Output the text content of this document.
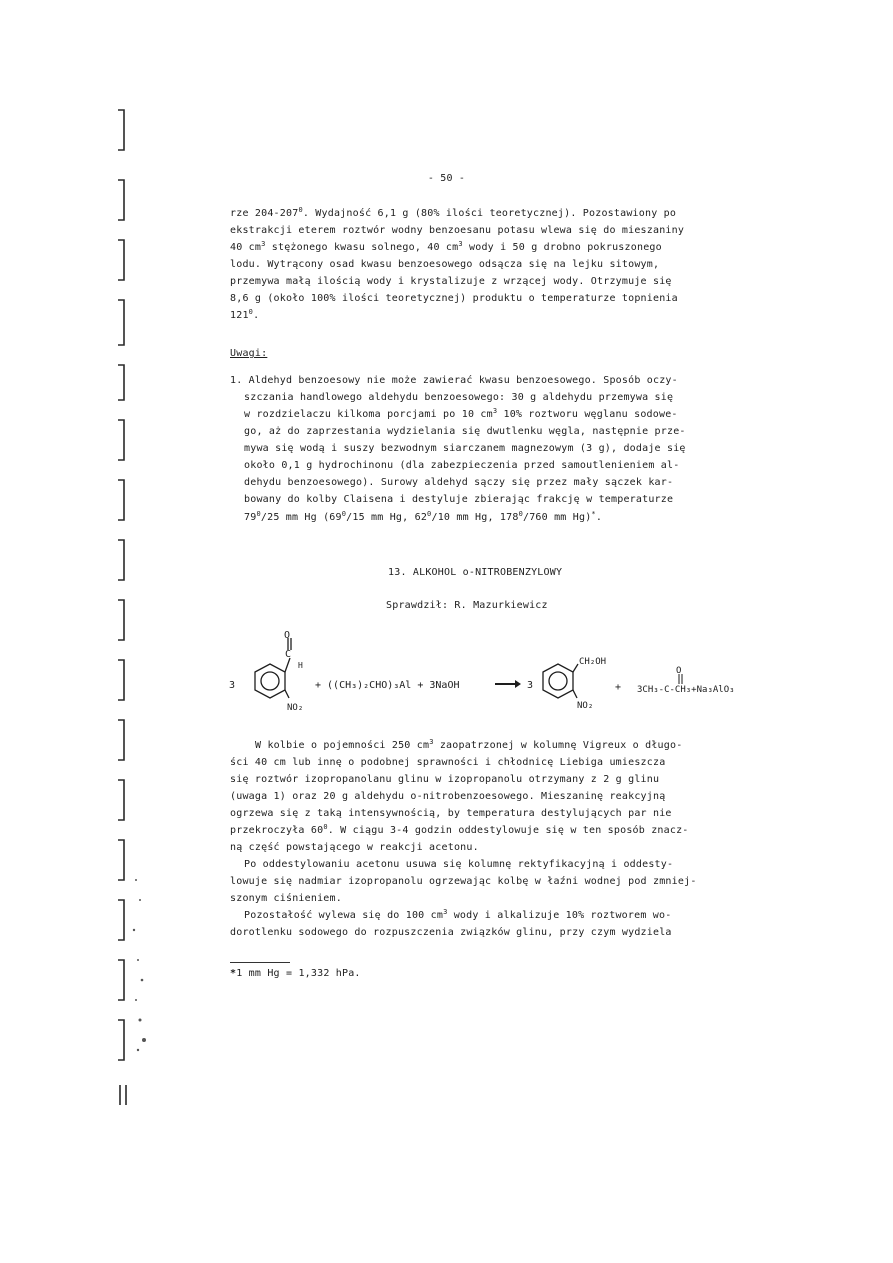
- 50 -
rze $204-207^0$. Wydajność 6,1 g (80% ilości teoretycznej). Pozostawiony po
ekstrakcji eterem roztwór wodny benzoesanu potasu wlewa się do mieszaniny
40 $cm^3$ stężonego kwasu solnego, 40 $cm^3$ wody i 50 g drobno pokruszonego
lodu. Wytrącony osad kwasu benzoesowego odsącza się na lejku sitowym,
przemywa małą ilością wody i krystalizuje z wrzącej wody. Otrzymuje się
8,6 g (około 100% ilości teoretycznej) produktu o temperaturze topnienia
$121^0$.
Uwagi:
1. Aldehyd benzoesowy nie może zawierać kwasu benzoesowego. Sposób oczy-
szczania handlowego aldehydu benzoesowego: 30 g aldehydu przemywa się
w rozdzielaczu kilkoma porcjami po 10 $cm^3$ 10% roztworu węglanu sodowe-
go, aż do zaprzestania wydzielania się dwutlenku węgla, następnie prze-
mywa się wodą i suszy bezwodnym siarczanem magnezowym (3 g), dodaje się
około 0,1 g hydrochinonu (dla zabezpieczenia przed samoutlenieniem al-
dehydu benzoesowego). Surowy aldehyd sączy się przez mały sączek kar-
bowany do kolby Claisena i destyluje zbierając frakcję w temperaturze
$79^0/25$ mm Hg ($69^0/15$ mm Hg, $62^0/10$ mm Hg, $178^0/760$ mm Hg)*.
13. ALKOHOL o-NITROBENZYLOWY
Sprawdził: R. Mazurkiewicz
3
O
C
H
NO₂
+ ((CH₃)₂CHO)₃Al + 3NaOH	3
CH₂OH
NO₂
+
O
3CH₃-C-CH₃+Na₃AlO₃
W kolbie o pojemności 250 $cm^3$ zaopatrzonej w kolumnę Vigreux o długo-
ści 40 cm lub innę o podobnej sprawności i chłodnicę Liebiga umieszcza
się roztwór izopropanolanu glinu w izopropanolu otrzymany z 2 g glinu
(uwaga 1) oraz 20 g aldehydu o-nitrobenzoesowego. Mieszaninę reakcyjną
ogrzewa się z taką intensywnością, by temperatura destylujących par nie
przekroczyła $60^0$. W ciągu 3-4 godzin oddestylowuje się w ten sposób znacz-
ną część powstającego w reakcji acetonu.
Po oddestylowaniu acetonu usuwa się kolumnę rektyfikacyjną i oddesty-
lowuje się nadmiar izopropanolu ogrzewając kolbę w łaźni wodnej pod zmniej-
szonym ciśnieniem.
Pozostałość wylewa się do 100 $cm^3$ wody i alkalizuje 10% roztworem wo-
dorotlenku sodowego do rozpuszczenia związków glinu, przy czym wydziela
*1 mm Hg = 1,332 hPa.
